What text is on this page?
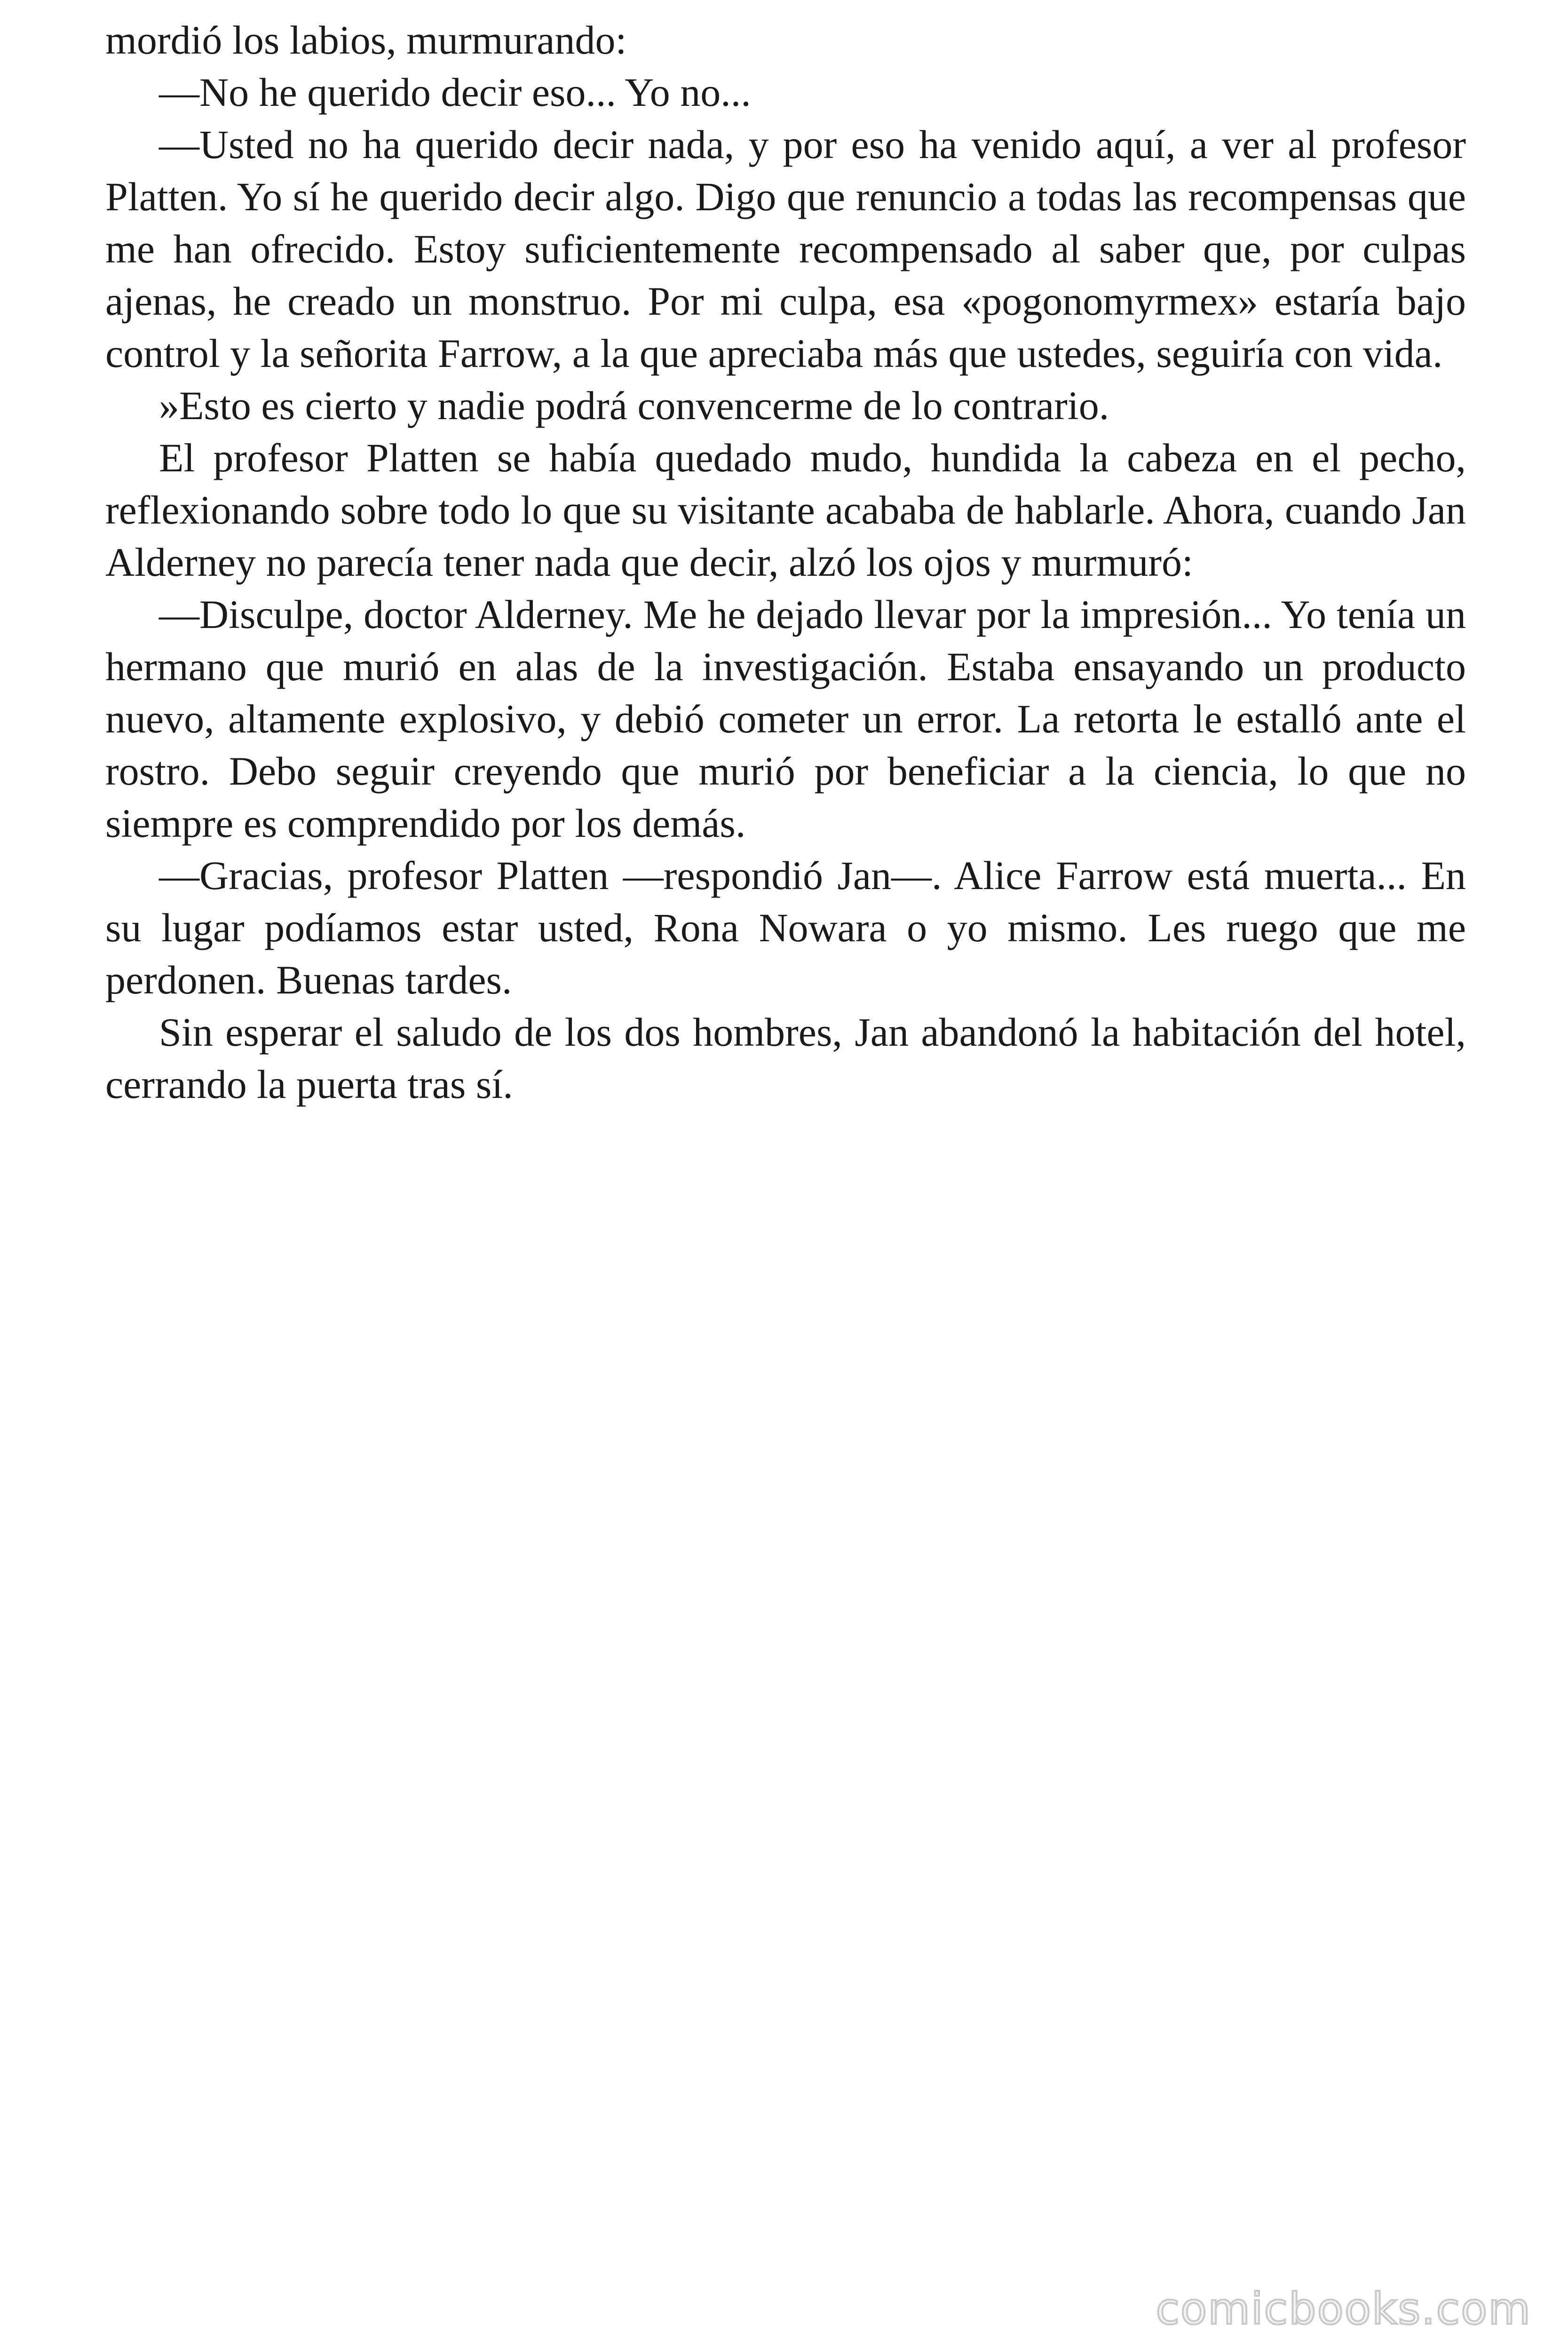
mordió los labios, murmurando:

—No he querido decir eso... Yo no...

—Usted no ha querido decir nada, y por eso ha venido aquí, a ver al profesor Platten. Yo sí he querido decir algo. Digo que renuncio a todas las recompensas que me han ofrecido. Estoy suficientemente recompensado al saber que, por culpas ajenas, he creado un monstruo. Por mi culpa, esa «pogonomyrmex» estaría bajo control y la señorita Farrow, a la que apreciaba más que ustedes, seguiría con vida.

»Esto es cierto y nadie podrá convencerme de lo contrario.

El profesor Platten se había quedado mudo, hundida la cabeza en el pecho, reflexionando sobre todo lo que su visitante acababa de hablarle. Ahora, cuando Jan Alderney no parecía tener nada que decir, alzó los ojos y murmuró:

—Disculpe, doctor Alderney. Me he dejado llevar por la impresión... Yo tenía un hermano que murió en alas de la investigación. Estaba ensayando un producto nuevo, altamente explosivo, y debió cometer un error. La retorta le estalló ante el rostro. Debo seguir creyendo que murió por beneficiar a la ciencia, lo que no siempre es comprendido por los demás.

—Gracias, profesor Platten —respondió Jan—. Alice Farrow está muerta... En su lugar podíamos estar usted, Rona Nowara o yo mismo. Les ruego que me perdonen. Buenas tardes.

Sin esperar el saludo de los dos hombres, Jan abandonó la habitación del hotel, cerrando la puerta tras sí.

comicbooks.com
